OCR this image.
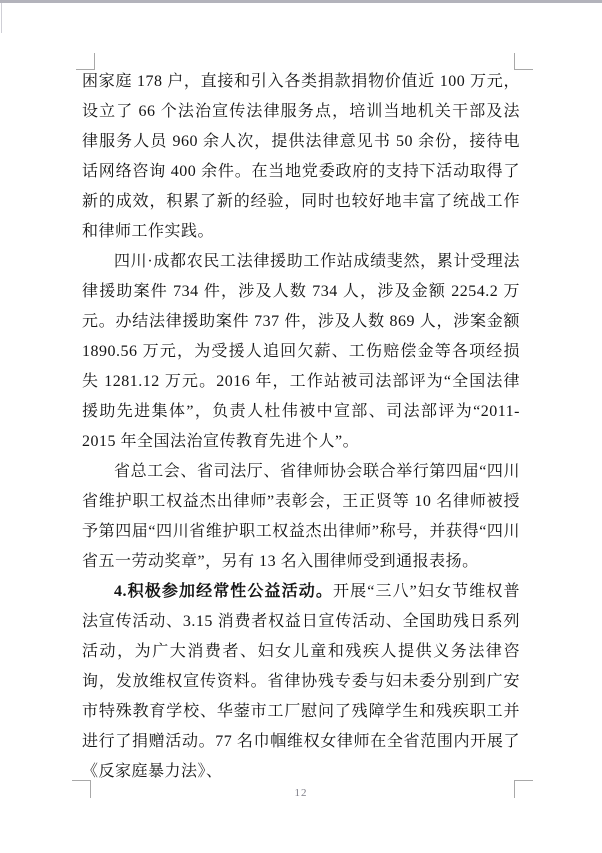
困家庭 178 户，直接和引入各类捐款捐物价值近 100 万元，设立了 66 个法治宣传法律服务点，培训当地机关干部及法律服务人员 960 余人次，提供法律意见书 50 余份，接待电话网络咨询 400 余件。在当地党委政府的支持下活动取得了新的成效，积累了新的经验，同时也较好地丰富了统战工作和律师工作实践。

四川·成都农民工法律援助工作站成绩斐然，累计受理法律援助案件 734 件，涉及人数 734 人，涉及金额 2254.2 万元。办结法律援助案件 737 件，涉及人数 869 人，涉案金额 1890.56 万元，为受援人追回欠薪、工伤赔偿金等各项经损失 1281.12 万元。2016 年，工作站被司法部评为“全国法律援助先进集体”，负责人杜伟被中宣部、司法部评为“2011-2015 年全国法治宣传教育先进个人”。

省总工会、省司法厅、省律师协会联合举行第四届“四川省维护职工权益杰出律师”表彰会，王正贤等 10 名律师被授予第四届“四川省维护职工权益杰出律师”称号，并获得“四川省五一劳动奖章”，另有 13 名入围律师受到通报表扬。

4.积极参加经常性公益活动。开展“三八”妇女节维权普法宣传活动、3.15 消费者权益日宣传活动、全国助残日系列活动，为广大消费者、妇女儿童和残疾人提供义务法律咨询，发放维权宣传资料。省律协残专委与妇未委分别到广安市特殊教育学校、华蓥市工厂慰问了残障学生和残疾职工并进行了捐赠活动。77 名巾帼维权女律师在全省范围内开展了《反家庭暴力法》、

12
